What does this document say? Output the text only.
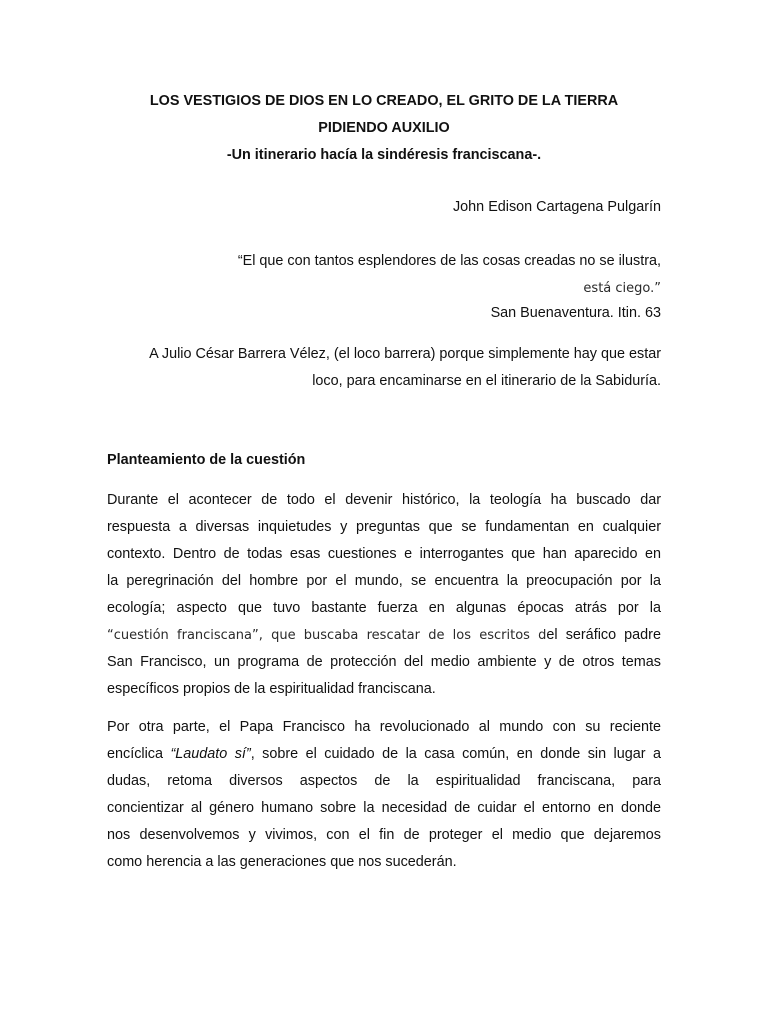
LOS VESTIGIOS DE DIOS EN LO CREADO, EL GRITO DE LA TIERRA

PIDIENDO AUXILIO

-Un itinerario hacía la sindéresis franciscana-.

John Edison Cartagena Pulgarín

“El que con tantos esplendores de las cosas creadas no se ilustra,

está ciego.”

San Buenaventura. Itin. 63

A Julio César Barrera Vélez, (el loco barrera) porque simplemente hay que estar loco, para encaminarse en el itinerario de la Sabiduría.

Planteamiento de la cuestión

Durante el acontecer de todo el devenir histórico, la teología ha buscado dar
respuesta a diversas inquietudes y preguntas que se fundamentan en cualquier
contexto. Dentro de todas esas cuestiones e interrogantes que han aparecido en
la peregrinación del hombre por el mundo, se encuentra la preocupación por la
ecología; aspecto que tuvo bastante fuerza en algunas épocas atrás por la
“cuestión franciscana”, que buscaba rescatar de los escritos del seráfico padre
San Francisco, un programa de protección del medio ambiente y de otros temas
específicos propios de la espiritualidad franciscana.
Por otra parte, el Papa Francisco ha revolucionado al mundo con su reciente
encíclica “Laudato sí”, sobre el cuidado de la casa común, en donde sin lugar a
dudas, retoma diversos aspectos de la espiritualidad franciscana, para
concientizar al género humano sobre la necesidad de cuidar el entorno en donde
nos desenvolvemos y vivimos, con el fin de proteger el medio que dejaremos
como herencia a las generaciones que nos sucederán.
